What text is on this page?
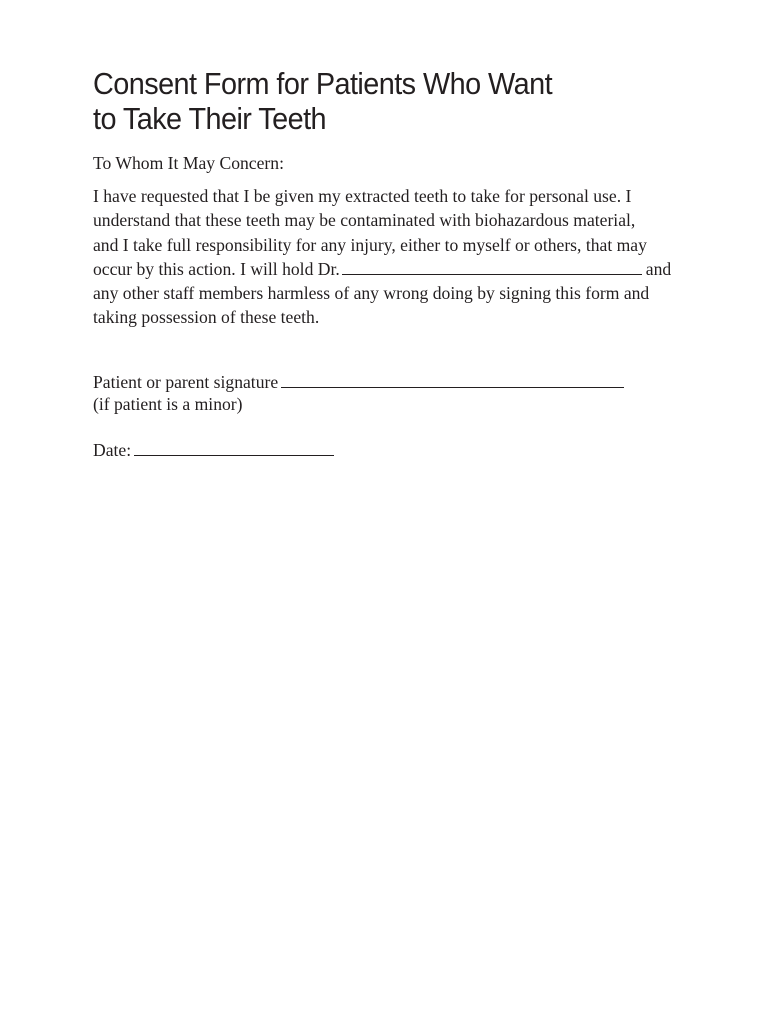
Consent Form for Patients Who Want
to Take Their Teeth

To Whom It May Concern:

I have requested that I be given my extracted teeth to take for personal use. I
understand that these teeth may be contaminated with biohazardous material,
and I take full responsibility for any injury, either to myself or others, that may
occur by this action. I will hold Dr.	and
any other staff members harmless of any wrong doing by signing this form and
taking possession of these teeth.

Patient or parent signature
(if patient is a minor)
Date:
